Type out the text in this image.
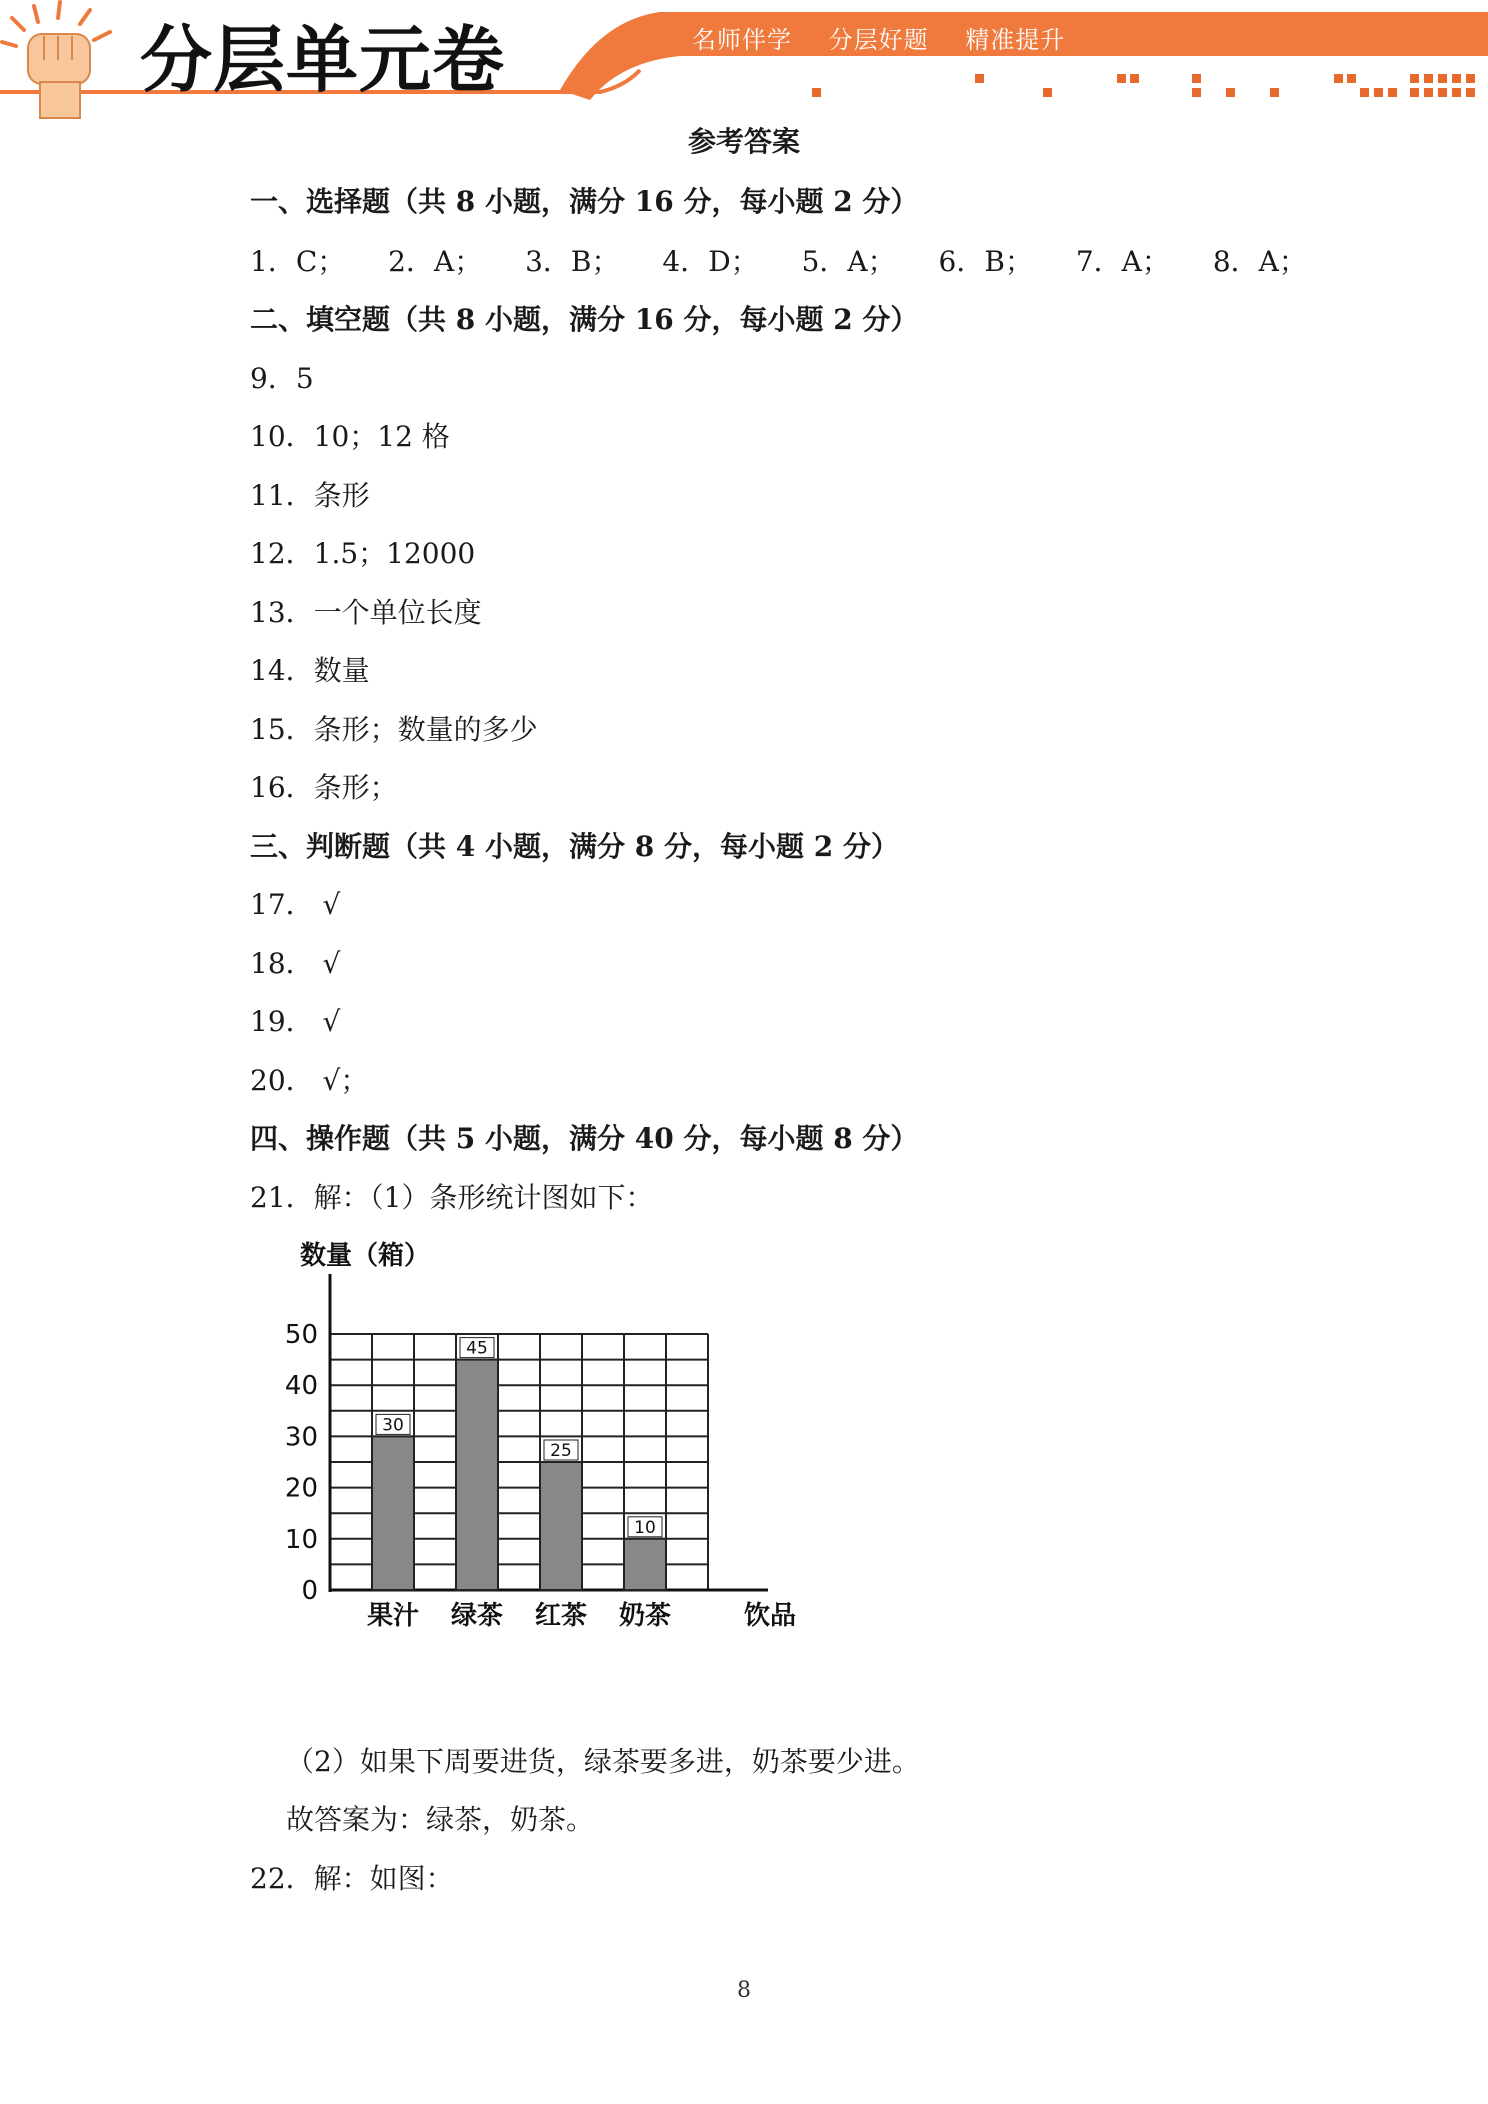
分层单元卷	名师伴学 分层好题 精准提升
参考答案
一、选择题（共 8 小题，满分 16 分，每小题 2 分）
1．C； 2．A； 3．B； 4．D； 5．A； 6．B； 7．A； 8．A；
二、填空题（共 8 小题，满分 16 分，每小题 2 分）
9．5
10．10；12 格
11．条形
12．1.5；12000
13．一个单位长度
14．数量
15．条形；数量的多少
16．条形；
三、判断题（共 4 小题，满分 8 分，每小题 2 分）
17． √
18． √
19． √
20． √；
四、操作题（共 5 小题，满分 40 分，每小题 8 分）
21．解：（1）条形统计图如下：
0
10
20
30
40
50
数量（箱）
30
果汁
45
绿茶
25
红茶
10
奶茶	饮品
（2）如果下周要进货，绿茶要多进，奶茶要少进。
故答案为：绿茶，奶茶。
22．解：如图：
8
